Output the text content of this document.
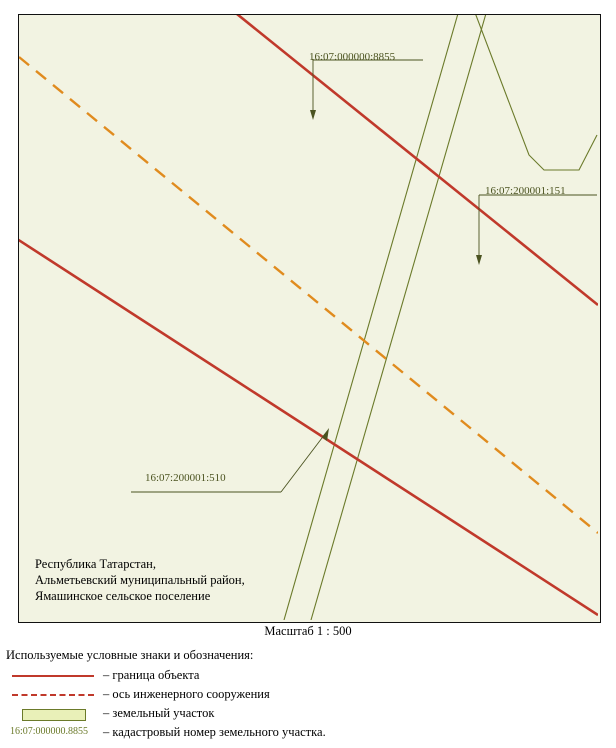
16:07:000000:8855
16:07:200001:151
16:07:200001:510
Республика Татарстан,
Альметьевский муниципальный район,
Ямашинское сельское поселение
Масштаб 1 : 500
Используемые условные знаки и обозначения:
– граница объекта
– ось инженерного сооружения
– земельный участок
16:07:000000.8855 – кадастровый номер земельного участка.
